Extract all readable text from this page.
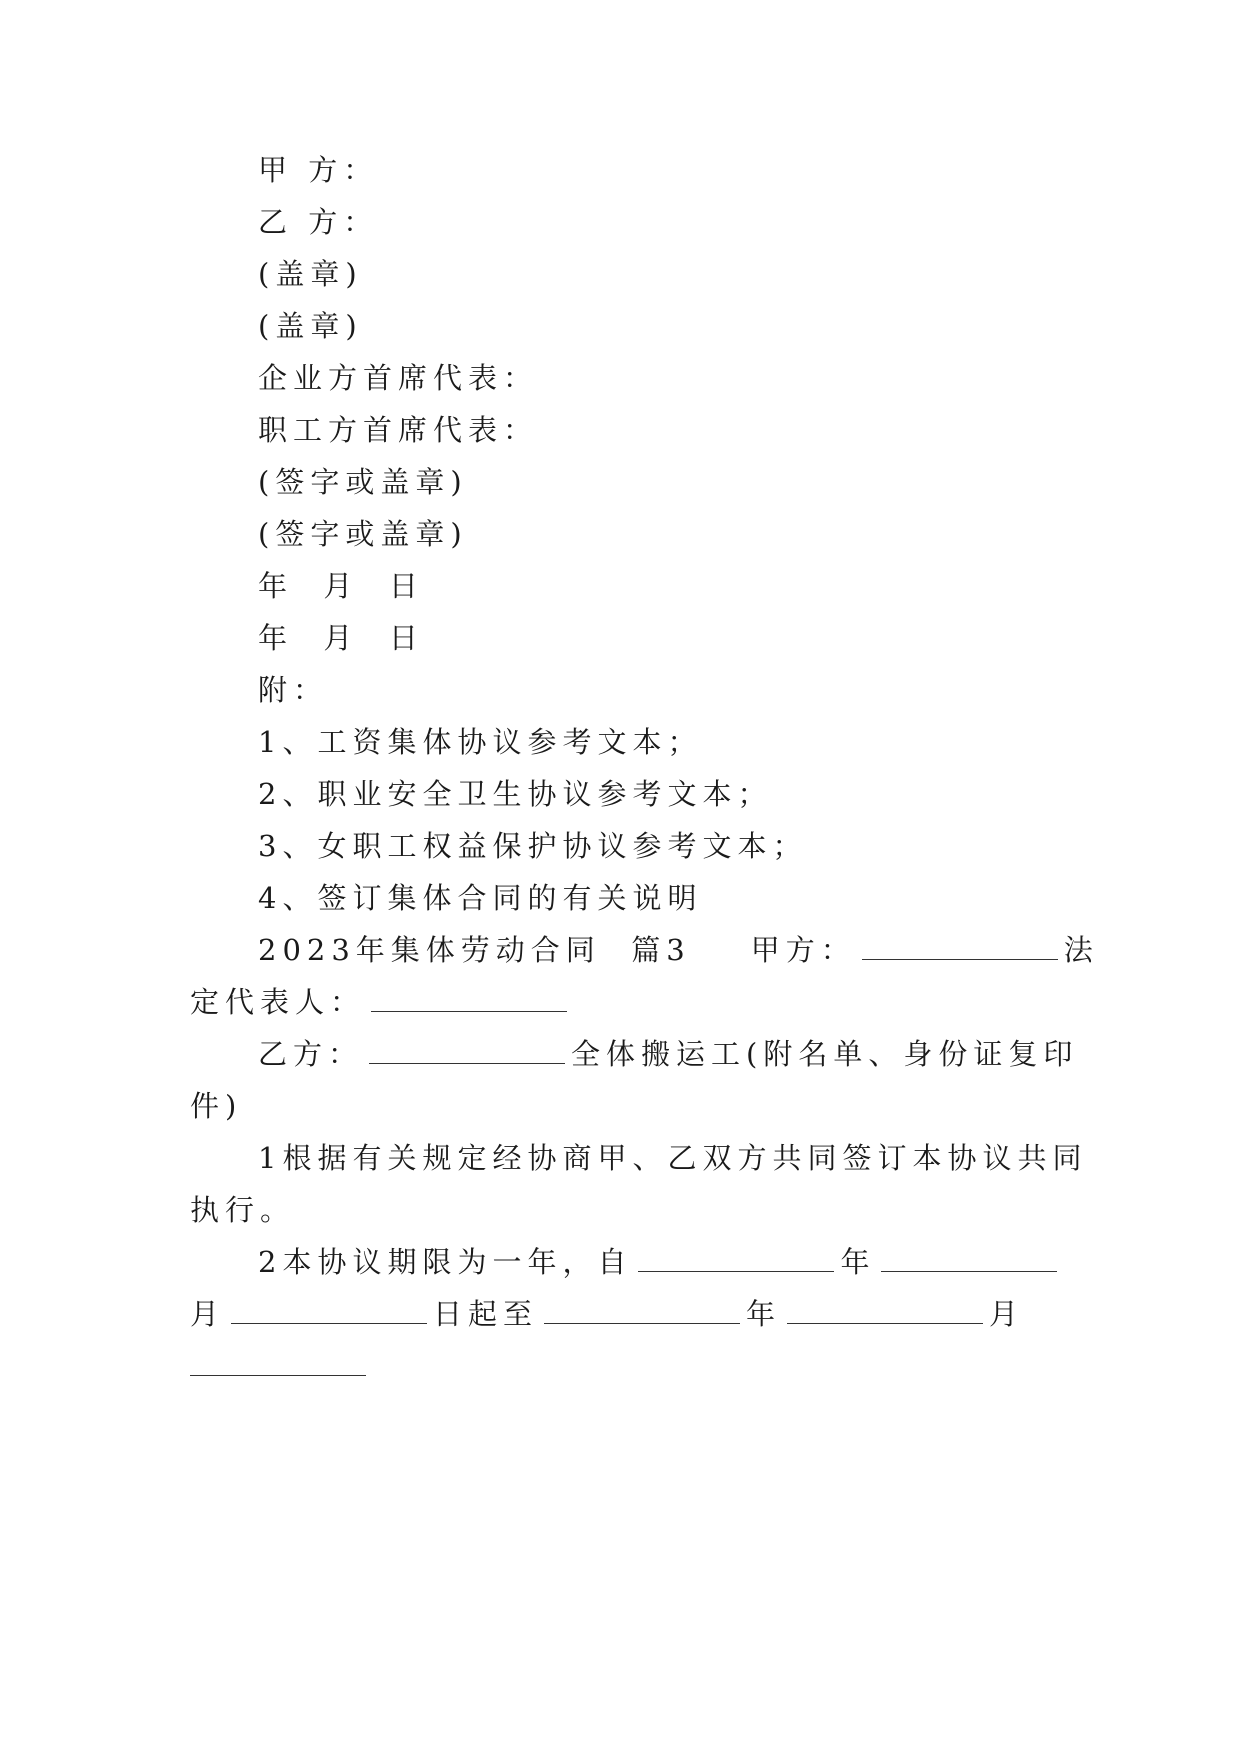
甲 方：
乙 方：
(盖章)
(盖章)
企业方首席代表：
职工方首席代表：
(签字或盖章)
(签字或盖章)
年  月  日
年  月  日
附：
1、工资集体协议参考文本；
2、职业安全卫生协议参考文本；
3、女职工权益保护协议参考文本；
4、签订集体合同的有关说明
2023年集体劳动合同  篇3 甲方：	法
定代表人：
乙方：	全体搬运工(附名单、身份证复印
件)
1根据有关规定经协商甲、乙双方共同签订本协议共同
执行。
2本协议期限为一年，自	年
月	日起至	年	月
